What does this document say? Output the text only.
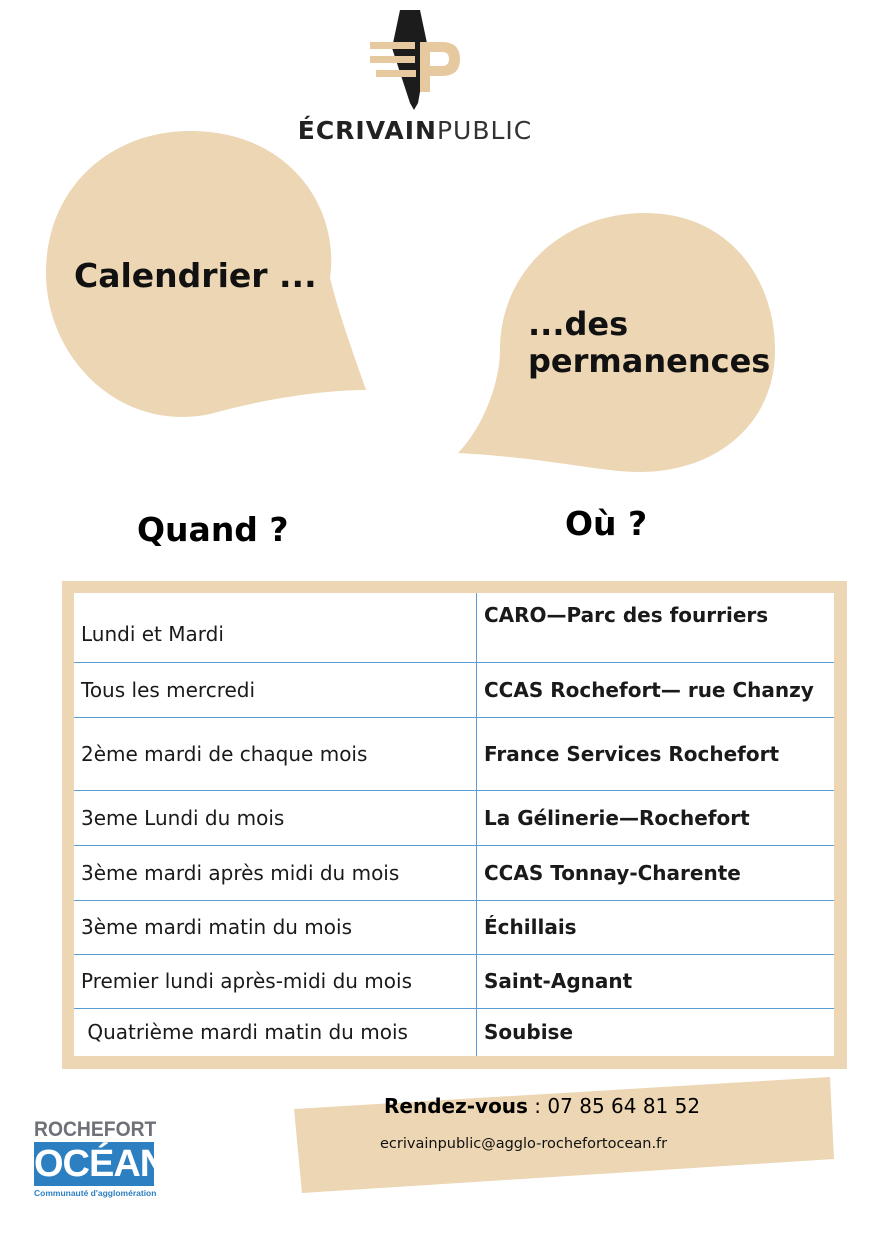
ÉCRIVAINPUBLIC
Calendrier ...
...des
permanences
Quand ?	Où ?
Lundi et Mardi	CARO—Parc des fourriers
Tous les mercredi	CCAS Rochefort— rue Chanzy
2ème mardi de chaque mois	France Services Rochefort
3eme Lundi du mois	La Gélinerie—Rochefort
3ème mardi après midi du mois	CCAS Tonnay-Charente
3ème mardi matin du mois	Échillais
Premier lundi après-midi du mois	Saint-Agnant
Quatrième mardi matin du mois	Soubise
Rendez-vous : 07 85 64 81 52
ecrivainpublic@agglo-rochefortocean.fr
ROCHEFORT
OCÉAN
Communauté d'agglomération
